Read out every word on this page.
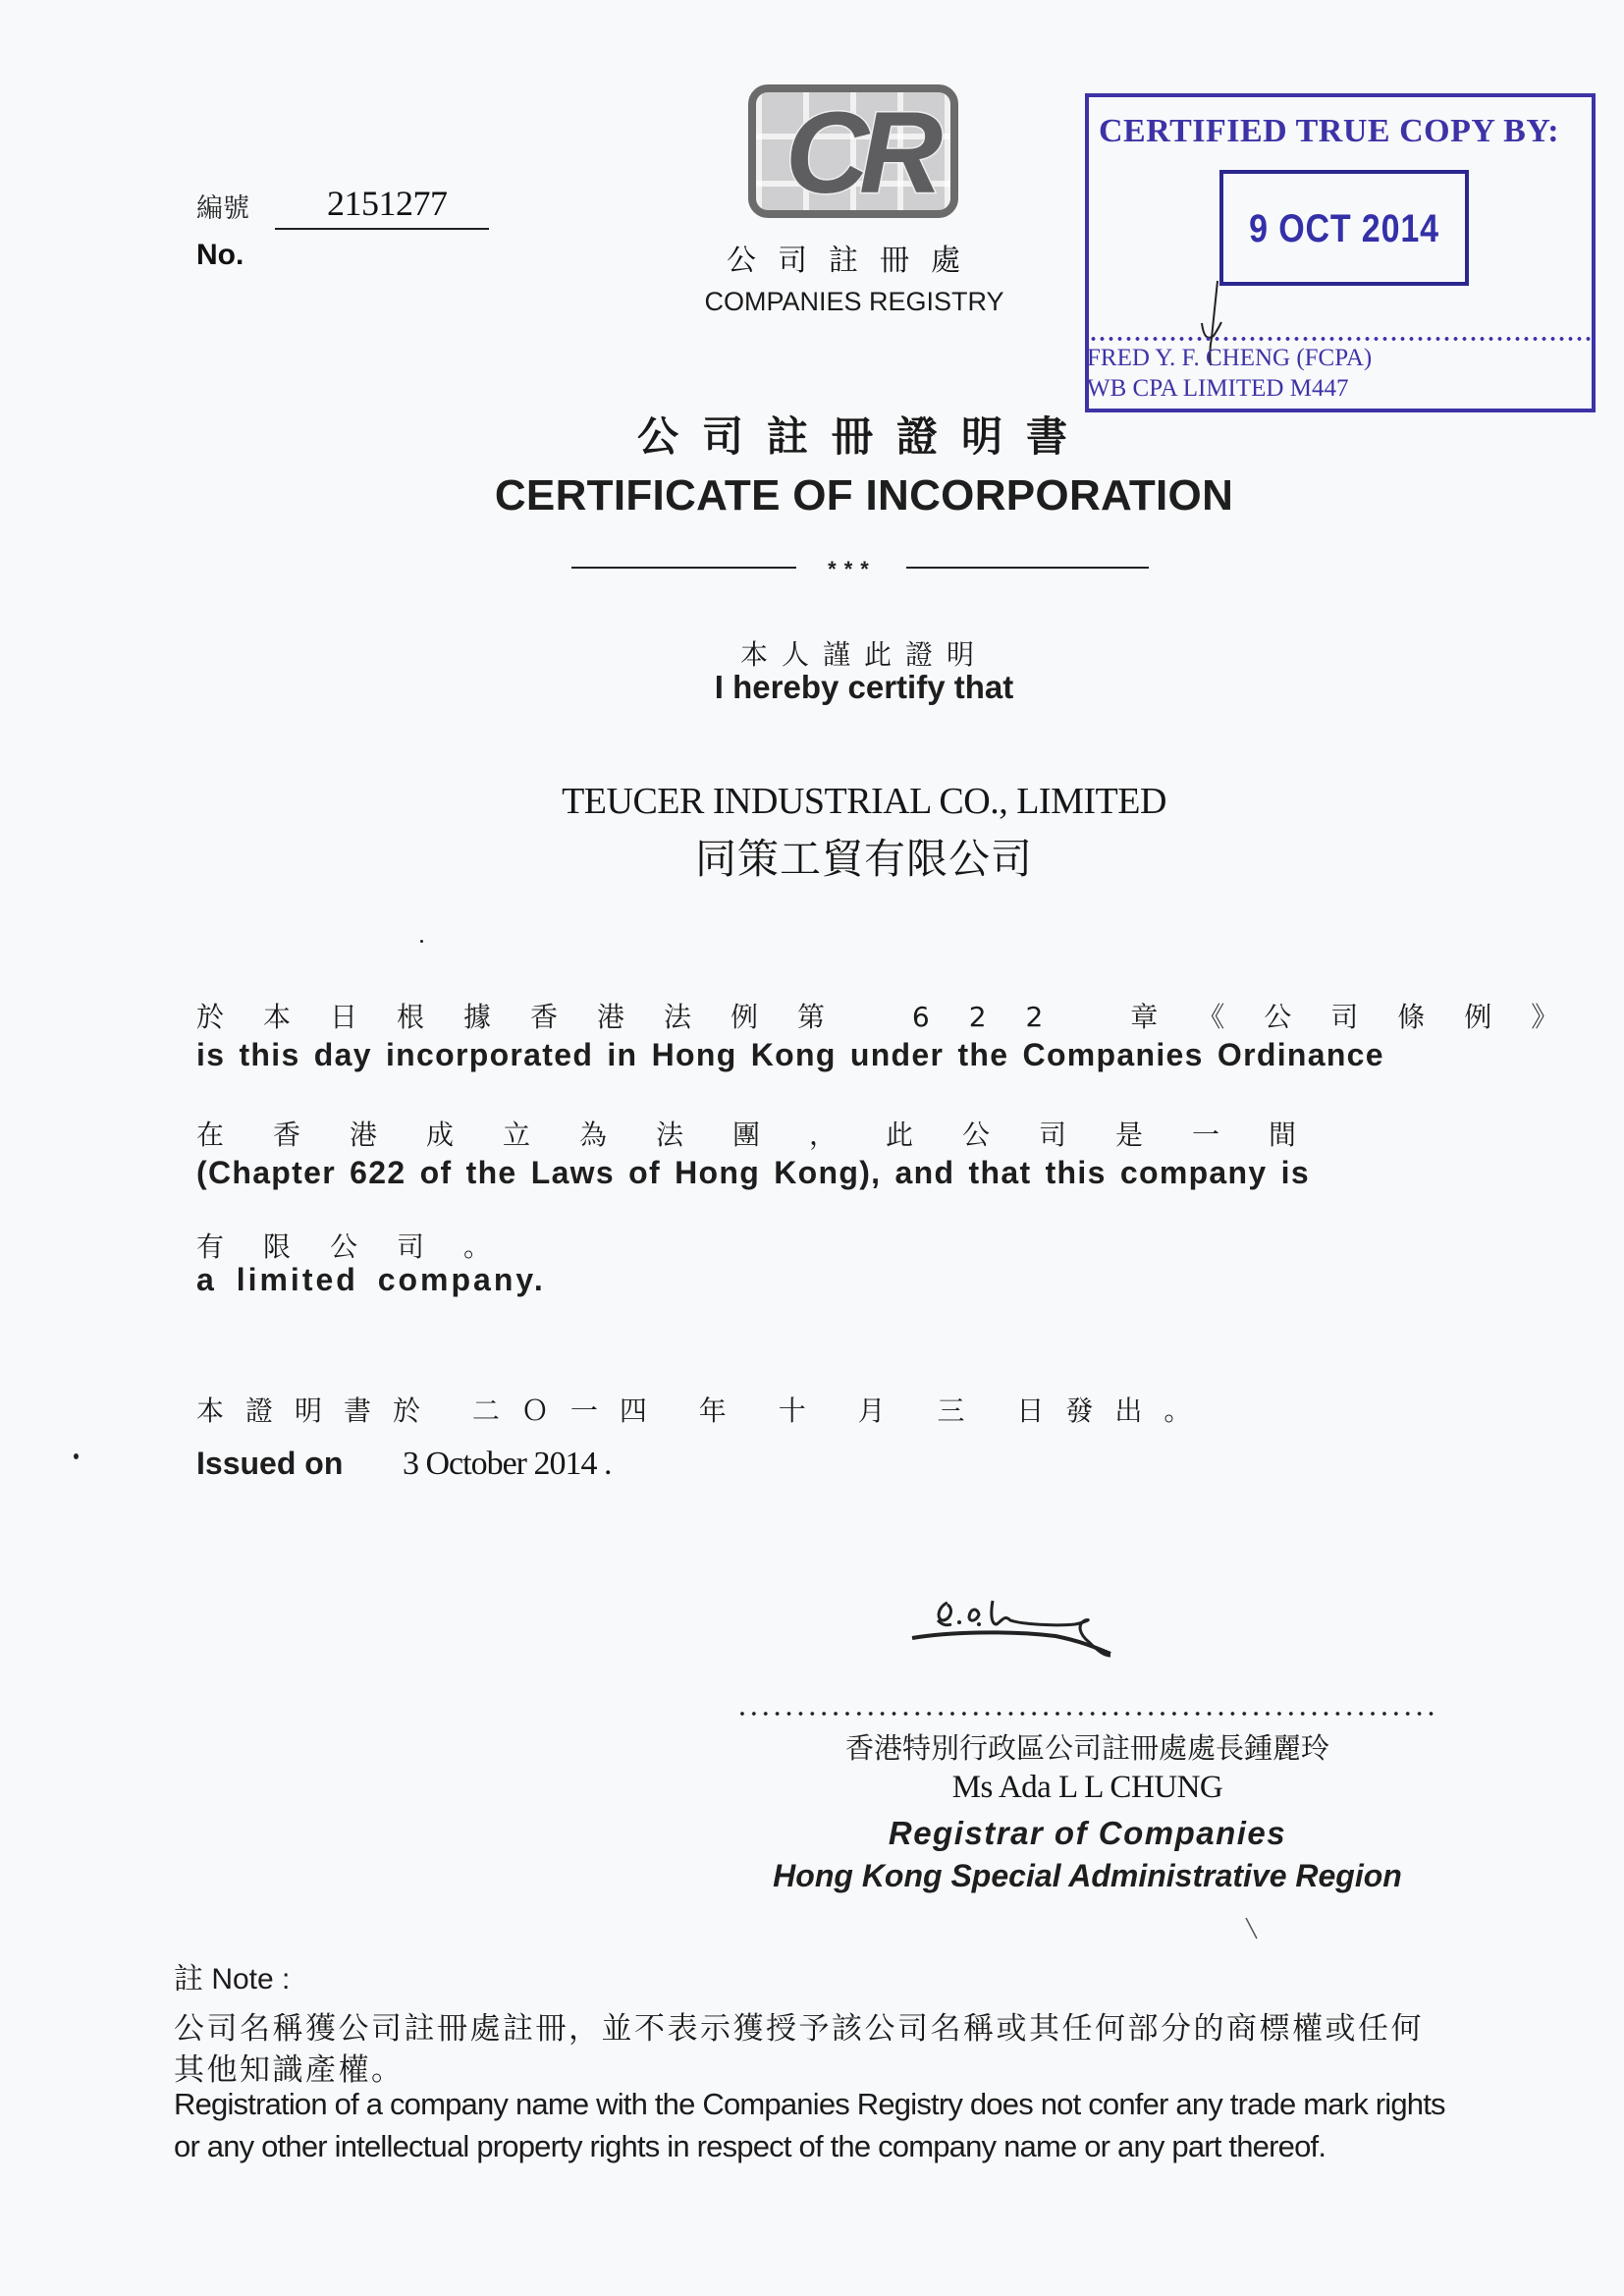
編號 2151277
No.
CR
公司註冊處
COMPANIES REGISTRY
CERTIFIED TRUE COPY BY:
9 OCT 2014
FRED Y. F. CHENG (FCPA)
WB CPA LIMITED M447
公司註冊證明書
CERTIFICATE OF INCORPORATION
***
本人謹此證明
I hereby certify that
TEUCER INDUSTRIAL CO., LIMITED
同策工貿有限公司
於本日根據香港法例第 622 章《公司條例》
is this day incorporated in Hong Kong under the Companies Ordinance
在香港成立為法團，此公司是一間
(Chapter 622 of the Laws of Hong Kong), and that this company is
有限公司。
a limited company.
本證明書於 二Ｏ一四 年 十 月 三 日發出。
Issued on 3 October 2014 .
香港特別行政區公司註冊處處長鍾麗玲
Ms Ada L L CHUNG
Registrar of Companies
Hong Kong Special Administrative Region
註 Note :
公司名稱獲公司註冊處註冊，並不表示獲授予該公司名稱或其任何部分的商標權或任何
其他知識產權。
Registration of a company name with the Companies Registry does not confer any trade mark rights
or any other intellectual property rights in respect of the company name or any part thereof.
